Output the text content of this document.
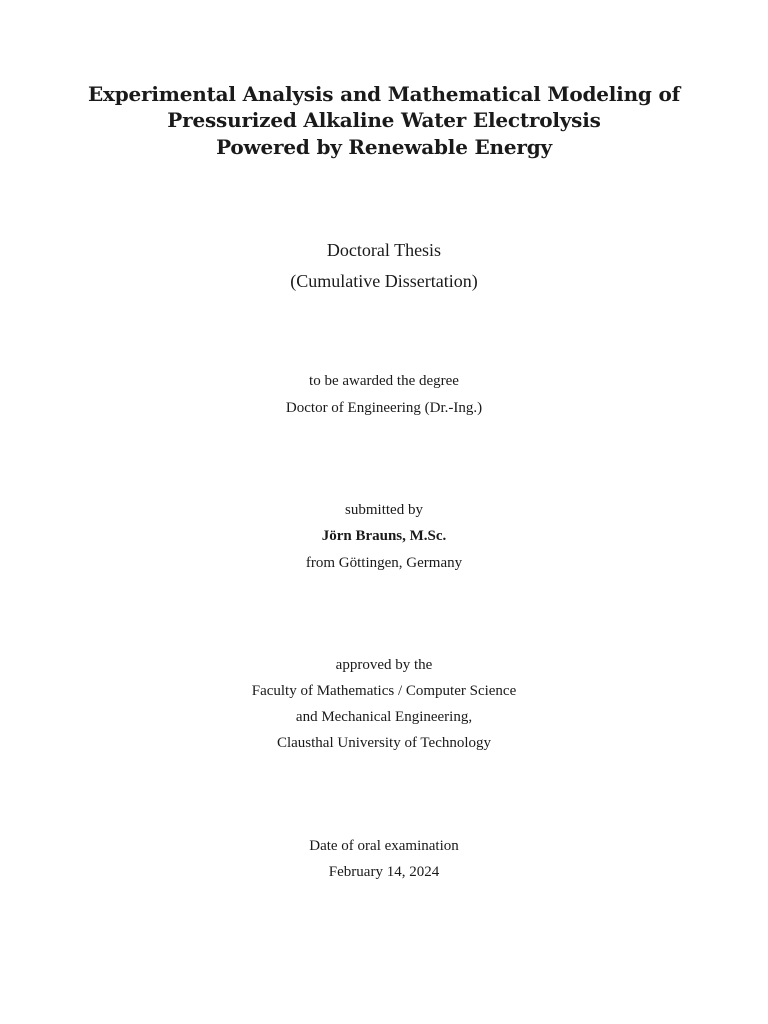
Experimental Analysis and Mathematical Modeling of
Pressurized Alkaline Water Electrolysis
Powered by Renewable Energy
Doctoral Thesis
(Cumulative Dissertation)
to be awarded the degree
Doctor of Engineering (Dr.-Ing.)
submitted by
Jörn Brauns, M.Sc.
from Göttingen, Germany
approved by the
Faculty of Mathematics / Computer Science
and Mechanical Engineering,
Clausthal University of Technology
Date of oral examination
February 14, 2024
